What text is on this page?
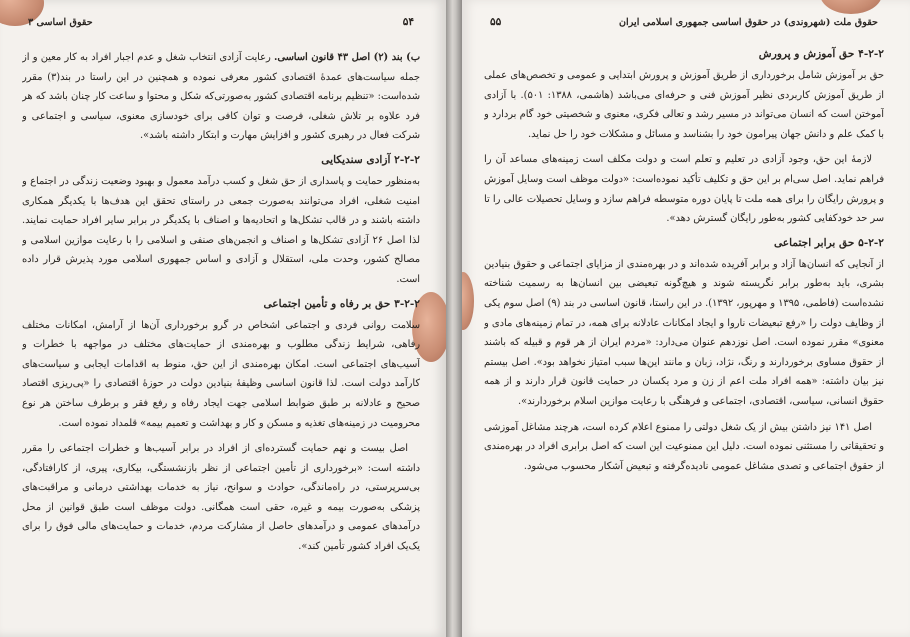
۵۴
حقوق اساسی ۳

ب) بند (۲) اصل ۴۳ قانون اساسی. رعایت آزادی انتخاب شغل و عدم اجبار افراد به کار معین و از جمله سیاست‌های عمدهٔ اقتصادی کشور معرفی نموده و همچنین در این راستا در بند(۳) مقرر شده‌است: «تنظیم برنامه اقتصادی کشور به‌صورتی‌که شکل و محتوا و ساعت کار چنان باشد که هر فرد علاوه بر تلاش شغلی، فرصت و توان کافی برای خودسازی معنوی، سیاسی و اجتماعی و شرکت فعال در رهبری کشور و افزایش مهارت و ابتکار داشته باشد».

۲-۲-۲ آزادی سندیکایی

به‌منظور حمایت و پاسداری از حق شغل و کسب درآمد معمول و بهبود وضعیت زندگی در اجتماع و امنیت شغلی، افراد می‌توانند به‌صورت جمعی در راستای تحقق این هدف‌ها با یکدیگر همکاری داشته باشند و در قالب تشکل‌ها و اتحادیه‌ها و اصناف با یکدیگر در برابر سایر افراد حمایت نمایند. لذا اصل ۲۶ آزادی تشکل‌ها و اصناف و انجمن‌های صنفی و اسلامی را با رعایت موازین اسلامی و مصالح کشور، وحدت ملی، استقلال و آزادی و اساس جمهوری اسلامی مورد پذیرش قرار داده است.

۳-۲-۲ حق بر رفاه و تأمین اجتماعی

سلامت روانی فردی و اجتماعی اشخاص در گرو برخورداری آن‌ها از آرامش، امکانات مختلف رفاهی، شرایط زندگی مطلوب و بهره‌مندی از حمایت‌های مختلف در مواجهه با خطرات و آسیب‌های اجتماعی است. امکان بهره‌مندی از این حق، منوط به اقدامات ایجابی و سیاست‌های کارآمد دولت است. لذا قانون اساسی وظیفهٔ بنیادین دولت در حوزهٔ اقتصادی را «پی‌ریزی اقتصاد صحیح و عادلانه بر طبق ضوابط اسلامی جهت ایجاد رفاه و رفع فقر و برطرف ساختن هر نوع محرومیت در زمینه‌های تغذیه و مسکن و کار و بهداشت و تعمیم بیمه» قلمداد نموده است.

اصل بیست و نهم حمایت گسترده‌ای از افراد در برابر آسیب‌ها و خطرات اجتماعی را مقرر داشته است: «برخورداری از تأمین اجتماعی از نظر بازنشستگی، بیکاری، پیری، از کارافتادگی، بی‌سرپرستی، در راه‌ماندگی، حوادث و سوانح، نیاز به خدمات بهداشتی درمانی و مراقبت‌های پزشکی به‌صورت بیمه و غیره، حقی است همگانی. دولت موظف است طبق قوانین از محل درآمدهای عمومی و درآمدهای حاصل از مشارکت مردم، خدمات و حمایت‌های مالی فوق را برای یک‌یک افراد کشور تأمین کند».

حقوق ملت (شهروندی) در حقوق اساسی جمهوری اسلامی ایران
۵۵
۴-۲-۲ حق آموزش و پرورش

حق بر آموزش شامل برخورداری از طریق آموزش و پرورش ابتدایی و عمومی و تخصص‌های عملی از طریق آموزش کاربردی نظیر آموزش فنی و حرفه‌ای می‌باشد (هاشمی، ۱۳۸۸: ۵۰۱). با آزادی آموختن است که انسان می‌تواند در مسیر رشد و تعالی فکری، معنوی و شخصیتی خود گام بردارد و با کمک علم و دانش جهان پیرامون خود را بشناسد و مسائل و مشکلات خود را حل نماید.

لازمهٔ این حق، وجود آزادی در تعلیم و تعلم است و دولت مکلف است زمینه‌های مساعد آن را فراهم نماید. اصل سی‌ام بر این حق و تکلیف تأکید نموده‌است: «دولت موظف است وسایل آموزش و پرورش رایگان را برای همه ملت تا پایان دوره متوسطه فراهم سازد و وسایل تحصیلات عالی را تا سر حد خودکفایی کشور به‌طور رایگان گسترش دهد».

۵-۲-۲ حق برابر اجتماعی

از آنجایی که انسان‌ها آزاد و برابر آفریده شده‌اند و در بهره‌مندی از مزایای اجتماعی و حقوق بنیادین بشری، باید به‌طور برابر نگریسته شوند و هیچ‌گونه تبعیضی بین انسان‌ها به رسمیت شناخته نشده‌است (فاطمی، ۱۳۹۵ و مهرپور، ۱۳۹۲). در این راستا، قانون اساسی در بند (۹) اصل سوم یکی از وظایف دولت را «رفع تبعیضات ناروا و ایجاد امکانات عادلانه برای همه، در تمام زمینه‌های مادی و معنوی» مقرر نموده است. اصل نوزدهم عنوان می‌دارد: «مردم ایران از هر قوم و قبیله که باشند از حقوق مساوی برخوردارند و رنگ، نژاد، زبان و مانند این‌ها سبب امتیاز نخواهد بود». اصل بیستم نیز بیان داشته: «همه افراد ملت اعم از زن و مرد یکسان در حمایت قانون قرار دارند و از همه حقوق انسانی، سیاسی، اقتصادی، اجتماعی و فرهنگی با رعایت موازین اسلام برخوردارند».

اصل ۱۴۱ نیز داشتن بیش از یک شغل دولتی را ممنوع اعلام کرده است، هرچند مشاغل آموزشی و تحقیقاتی را مستثنی نموده است. دلیل این ممنوعیت این است که اصل برابری افراد در بهره‌مندی از حقوق اجتماعی و تصدی مشاغل عمومی نادیده‌گرفته و تبعیض آشکار محسوب می‌شود.
